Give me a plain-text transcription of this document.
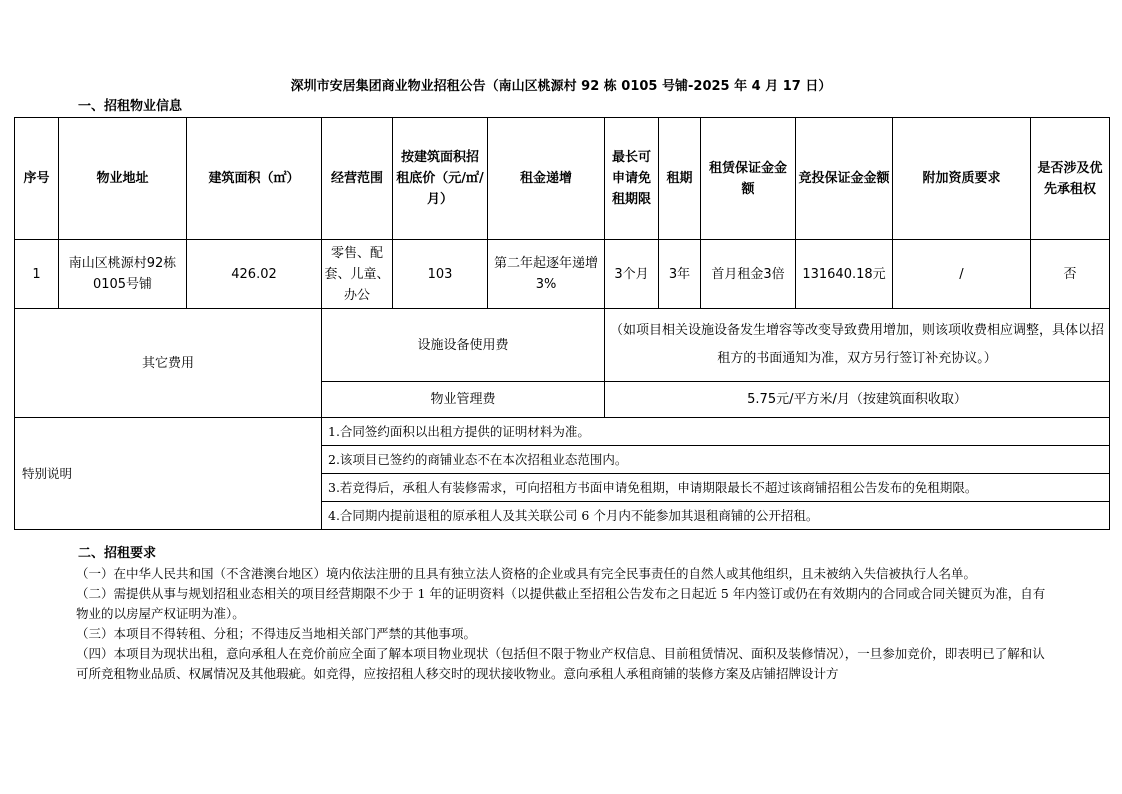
深圳市安居集团商业物业招租公告（南山区桃源村 92 栋 0105 号铺-2025 年 4 月 17 日）
一、招租物业信息
序号	物业地址	建筑面积（㎡）	经营范围	按建筑面积招租底价（元/㎡/月）	租金递增	最长可申请免租期限	租期	租赁保证金金额	竞投保证金金额	附加资质要求	是否涉及优先承租权
1	南山区桃源村92栋0105号铺	426.02	零售、配套、儿童、办公	103	第二年起逐年递增3%	3个月	3年	首月租金3倍	131640.18元	/	否
其它费用			设施设备使用费			（如项目相关设施设备发生增容等改变导致费用增加，则该项收费相应调整，具体以招租方的书面通知为准，双方另行签订补充协议。）					
			物业管理费			5.75元/平方米/月（按建筑面积收取）					
特别说明			1.合同签约面积以出租方提供的证明材料为准。								
			2.该项目已签约的商铺业态不在本次招租业态范围内。								
			3.若竞得后，承租人有装修需求，可向招租方书面申请免租期，申请期限最长不超过该商铺招租公告发布的免租期限。								
			4.合同期内提前退租的原承租人及其关联公司 6 个月内不能参加其退租商铺的公开招租。								
二、招租要求

（一）在中华人民共和国（不含港澳台地区）境内依法注册的且具有独立法人资格的企业或具有完全民事责任的自然人或其他组织，且未被纳入失信被执行人名单。

（二）需提供从事与规划招租业态相关的项目经营期限不少于 1 年的证明资料（以提供截止至招租公告发布之日起近 5 年内签订或仍在有效期内的合同或合同关键页为准，自有物业的以房屋产权证明为准）。

（三）本项目不得转租、分租；不得违反当地相关部门严禁的其他事项。

（四）本项目为现状出租，意向承租人在竞价前应全面了解本项目物业现状（包括但不限于物业产权信息、目前租赁情况、面积及装修情况），一旦参加竞价，即表明已了解和认可所竞租物业品质、权属情况及其他瑕疵。如竞得，应按招租人移交时的现状接收物业。意向承租人承租商铺的装修方案及店铺招牌设计方
